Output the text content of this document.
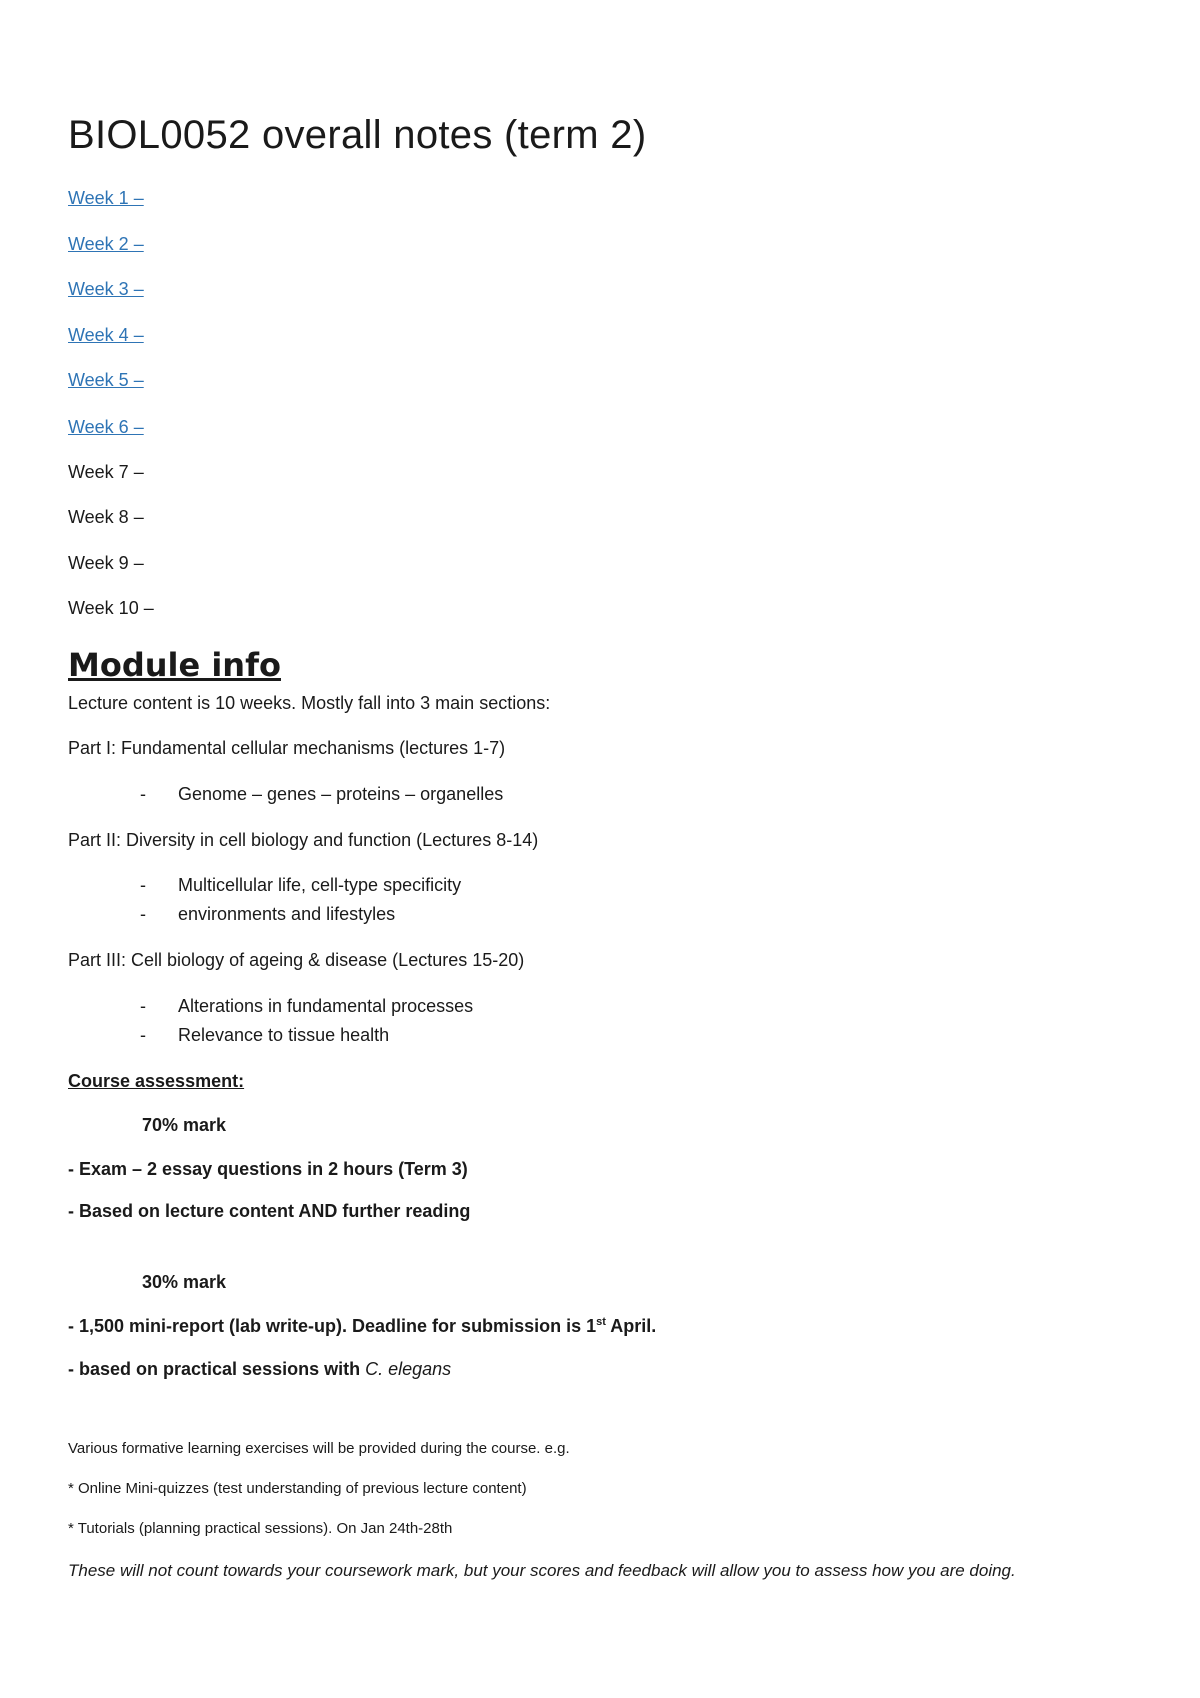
BIOL0052 overall notes (term 2)
Week 1 –
Week 2 –
Week 3 –
Week 4 –
Week 5 –
Week 6 –
Week 7 –
Week 8 –
Week 9 –
Week 10 –
Module info
Lecture content is 10 weeks. Mostly fall into 3 main sections:
Part I: Fundamental cellular mechanisms (lectures 1-7)
- Genome – genes – proteins – organelles
Part II: Diversity in cell biology and function (Lectures 8-14)
- Multicellular life, cell-type specificity
- environments and lifestyles
Part III: Cell biology of ageing & disease (Lectures 15-20)
- Alterations in fundamental processes
- Relevance to tissue health
Course assessment:
70% mark
- Exam – 2 essay questions in 2 hours (Term 3)
- Based on lecture content AND further reading
30% mark
- 1,500 mini-report (lab write-up). Deadline for submission is 1st April.
- based on practical sessions with C. elegans
Various formative learning exercises will be provided during the course. e.g.
* Online Mini-quizzes (test understanding of previous lecture content)
* Tutorials (planning practical sessions). On Jan 24th-28th
These will not count towards your coursework mark, but your scores and feedback will allow you to assess how you are doing.
